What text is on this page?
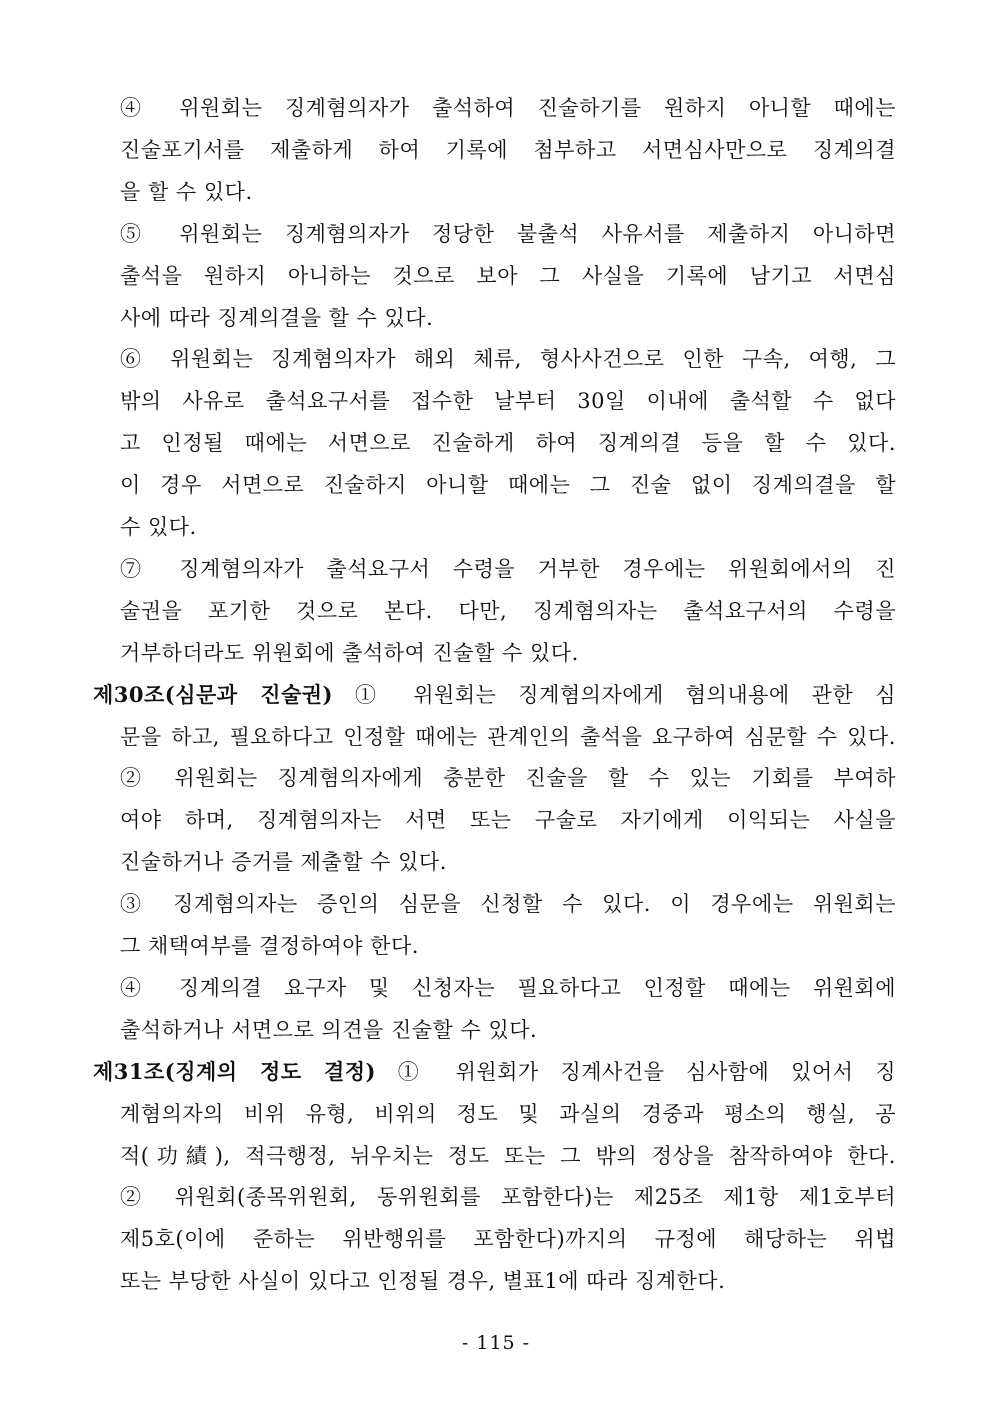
④ 위원회는 징계혐의자가 출석하여 진술하기를 원하지 아니할 때에는
진술포기서를 제출하게 하여 기록에 첨부하고 서면심사만으로 징계의결
을 할 수 있다.
⑤ 위원회는 징계혐의자가 정당한 불출석 사유서를 제출하지 아니하면
출석을 원하지 아니하는 것으로 보아 그 사실을 기록에 남기고 서면심
사에 따라 징계의결을 할 수 있다.
⑥ 위원회는 징계혐의자가 해외 체류, 형사사건으로 인한 구속, 여행, 그
밖의 사유로 출석요구서를 접수한 날부터 30일 이내에 출석할 수 없다
고 인정될 때에는 서면으로 진술하게 하여 징계의결 등을 할 수 있다.
이 경우 서면으로 진술하지 아니할 때에는 그 진술 없이 징계의결을 할
수 있다.
⑦ 징계혐의자가 출석요구서 수령을 거부한 경우에는 위원회에서의 진
술권을 포기한 것으로 본다. 다만, 징계혐의자는 출석요구서의 수령을
거부하더라도 위원회에 출석하여 진술할 수 있다.
제30조(심문과 진술권) ① 위원회는 징계혐의자에게 혐의내용에 관한 심
문을 하고, 필요하다고 인정할 때에는 관계인의 출석을 요구하여 심문할 수 있다.
② 위원회는 징계혐의자에게 충분한 진술을 할 수 있는 기회를 부여하
여야 하며, 징계혐의자는 서면 또는 구술로 자기에게 이익되는 사실을
진술하거나 증거를 제출할 수 있다.
③ 징계혐의자는 증인의 심문을 신청할 수 있다. 이 경우에는 위원회는
그 채택여부를 결정하여야 한다.
④ 징계의결 요구자 및 신청자는 필요하다고 인정할 때에는 위원회에
출석하거나 서면으로 의견을 진술할 수 있다.
제31조(징계의 정도 결정) ① 위원회가 징계사건을 심사함에 있어서 징
계혐의자의 비위 유형, 비위의 정도 및 과실의 경중과 평소의 행실, 공
적(功績), 적극행정, 뉘우치는 정도 또는 그 밖의 정상을 참작하여야 한다.
② 위원회(종목위원회, 동위원회를 포함한다)는 제25조 제1항 제1호부터
제5호(이에 준하는 위반행위를 포함한다)까지의 규정에 해당하는 위법
또는 부당한 사실이 있다고 인정될 경우, 별표1에 따라 징계한다.
- 115 -
